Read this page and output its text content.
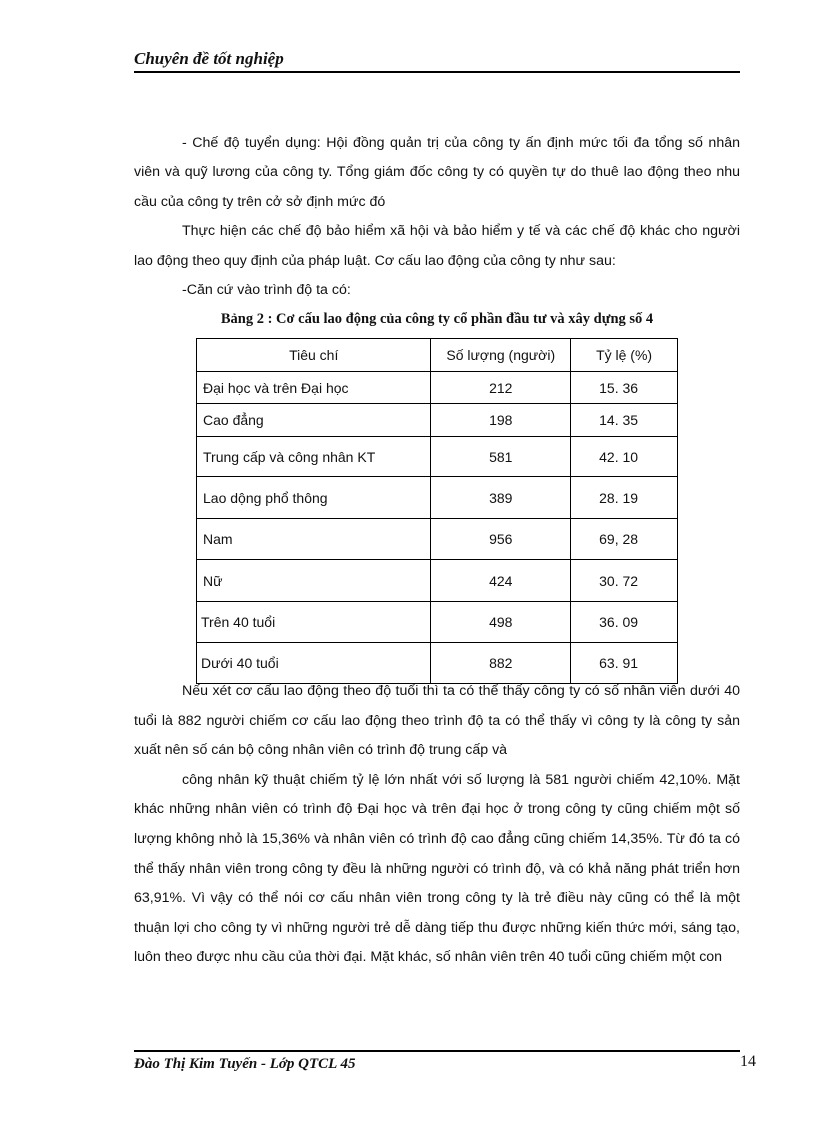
Chuyên đề tốt nghiệp

- Chế độ tuyển dụng: Hội đồng quản trị của công ty ấn định mức tối đa tổng số nhân viên và quỹ lương của công ty. Tổng giám đốc công ty có quyền tự do thuê lao động theo nhu cầu của công ty trên cở sở định mức đó

Thực hiện các chế độ bảo hiểm xã hội và bảo hiểm y tế và các chế độ khác cho người lao động theo quy định của pháp luật. Cơ cấu lao động của công ty như sau:

-Căn cứ vào trình độ ta có:

Bảng 2 : Cơ cấu lao động của công ty cổ phần đầu tư và xây dựng số 4
Tiêu chí	Số lượng (người)	Tỷ lệ (%)
Đại học và trên Đại học	212	15. 36
Cao đẳng	198	14. 35
Trung cấp và công nhân KT	581	42. 10
Lao dộng phổ thông	389	28. 19
Nam	956	69, 28
Nữ	424	30. 72
Trên 40 tuổi	498	36. 09
Dưới 40 tuổi	882	63. 91

Nếu xét cơ cấu lao động theo độ tuổi thì ta có thể thấy công ty có số nhân viên dưới 40 tuổi là 882 người chiếm cơ cấu lao động theo trình độ ta có thể thấy vì công ty là công ty sản xuất nên số cán bộ công nhân viên có trình độ trung cấp và

công nhân kỹ thuật chiếm tỷ lệ lớn nhất với số lượng là 581 người chiếm 42,10%. Mặt khác những nhân viên có trình độ Đại học và trên đại học ở trong công ty cũng chiếm một số lượng không nhỏ là 15,36% và nhân viên có trình độ cao đẳng cũng chiếm 14,35%. Từ đó ta có thể thấy nhân viên trong công ty đều là những người có trình độ, và có khả năng phát triển hơn 63,91%. Vì vậy có thể nói cơ cấu nhân viên trong công ty là trẻ điều này cũng có thể là một thuận lợi cho công ty vì những người trẻ dễ dàng tiếp thu được những kiến thức mới, sáng tạo, luôn theo được nhu cầu của thời đại. Mặt khác, số nhân viên trên 40 tuổi cũng chiếm một con

Đào Thị Kim Tuyến - Lớp QTCL 45	14
